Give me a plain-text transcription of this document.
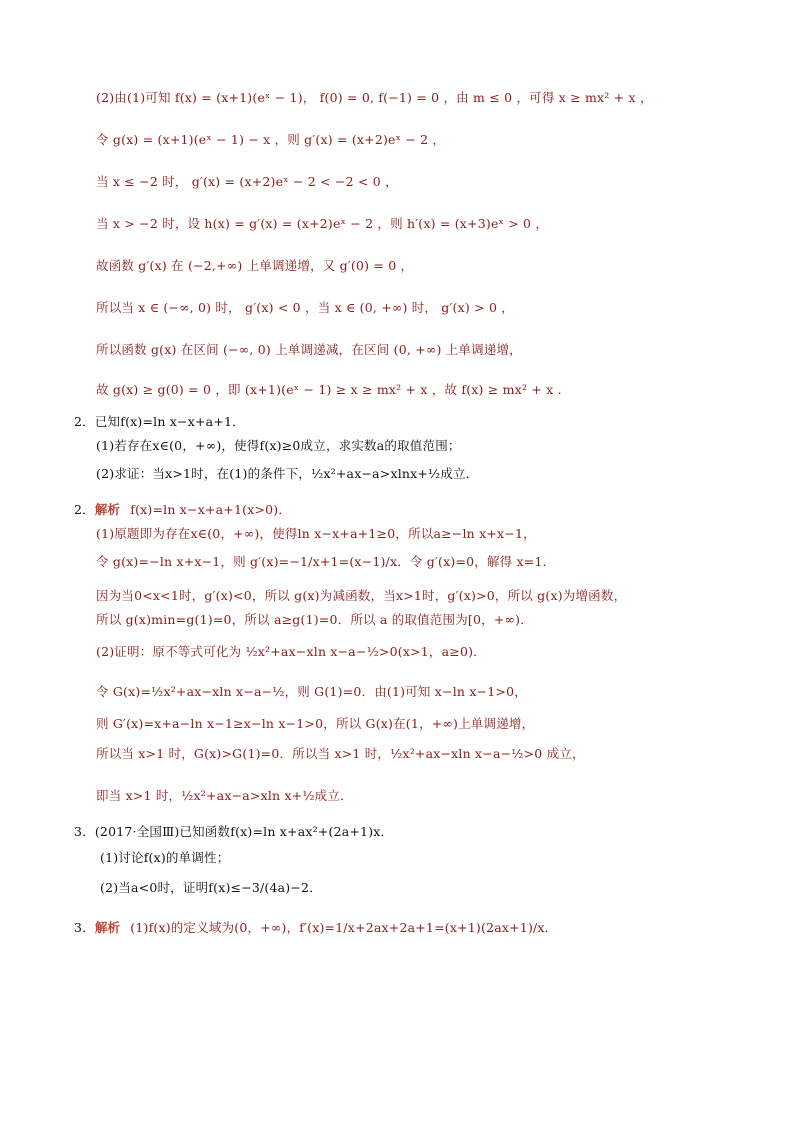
(2)由(1)可知 f(x) = (x+1)(eˣ − 1)， f(0) = 0, f(−1) = 0 ，由 m ≤ 0 ，可得 x ≥ mx² + x ，
令 g(x) = (x+1)(eˣ − 1) − x ，则 g′(x) = (x+2)eˣ − 2 ，
当 x ≤ −2 时， g′(x) = (x+2)eˣ − 2 < −2 < 0 ，
当 x > −2 时，设 h(x) = g′(x) = (x+2)eˣ − 2 ，则 h′(x) = (x+3)eˣ > 0 ，
故函数 g′(x) 在 (−2,+∞) 上单调递增，又 g′(0) = 0 ，
所以当 x ∈ (−∞, 0) 时， g′(x) < 0 ，当 x ∈ (0, +∞) 时， g′(x) > 0 ，
所以函数 g(x) 在区间 (−∞, 0) 上单调递减，在区间 (0, +∞) 上单调递增，
故 g(x) ≥ g(0) = 0 ，即 (x+1)(eˣ − 1) ≥ x ≥ mx² + x ，故 f(x) ≥ mx² + x ．
2．已知f(x)=ln x−x+a+1．
(1)若存在x∈(0，+∞)，使得f(x)≥0成立，求实数a的取值范围；
(2)求证：当x>1时，在(1)的条件下，½x²+ax−a>xlnx+½成立．
2．解析 f(x)=ln x−x+a+1(x>0)．
(1)原题即为存在x∈(0，+∞)，使得ln x−x+a+1≥0，所以a≥−ln x+x−1，
令 g(x)=−ln x+x−1，则 g′(x)=−1/x+1=(x−1)/x．令 g′(x)=0，解得 x=1．
因为当0<x<1时，g′(x)<0，所以 g(x)为减函数，当x>1时，g′(x)>0，所以 g(x)为增函数，
所以 g(x)min=g(1)=0，所以 a≥g(1)=0．所以 a 的取值范围为[0，+∞)．
(2)证明：原不等式可化为 ½x²+ax−xln x−a−½>0(x>1，a≥0)．
令 G(x)=½x²+ax−xln x−a−½，则 G(1)=0．由(1)可知 x−ln x−1>0，
则 G′(x)=x+a−ln x−1≥x−ln x−1>0，所以 G(x)在(1，+∞)上单调递增，
所以当 x>1 时，G(x)>G(1)=0．所以当 x>1 时，½x²+ax−xln x−a−½>0 成立，
即当 x>1 时，½x²+ax−a>xln x+½成立．
3．(2017·全国Ⅲ)已知函数f(x)=ln x+ax²+(2a+1)x．
(1)讨论f(x)的单调性；
(2)当a<0时，证明f(x)≤−3/(4a)−2．
3．解析 (1)f(x)的定义域为(0，+∞)，f′(x)=1/x+2ax+2a+1=(x+1)(2ax+1)/x．
